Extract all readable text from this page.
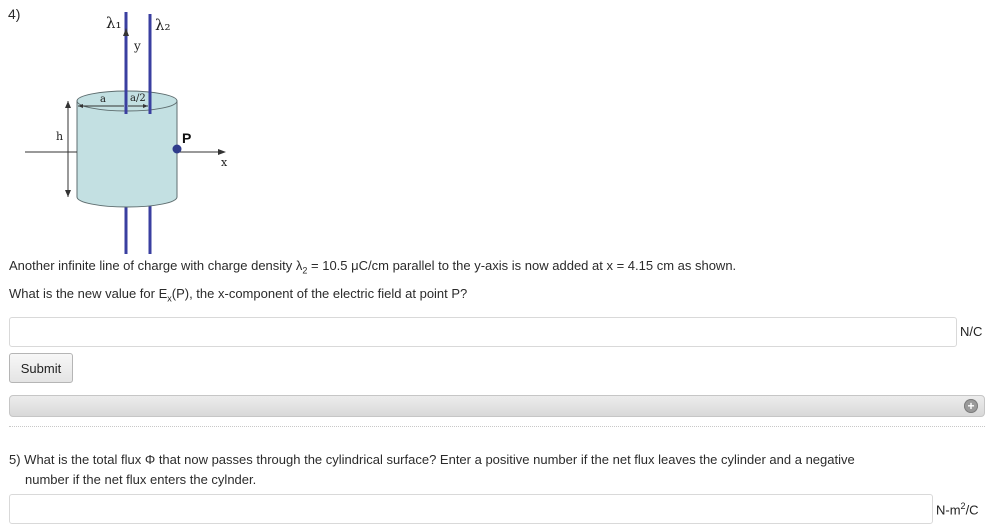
4)	λ₁ λ₂
y
a a/2
h	P
x
Another infinite line of charge with charge density $\lambda_2 = 10.5$ μC/cm parallel to the y-axis is now added at x = 4.15 cm as shown.
What is the new value for $E_x(P)$, the x-component of the electric field at point P?
N/C
Submit
+
5) What is the total flux Φ that now passes through the cylindrical surface? Enter a positive number if the net flux leaves the cylinder and a negative
number if the net flux enters the cylnder.
$N-m^2/C$
